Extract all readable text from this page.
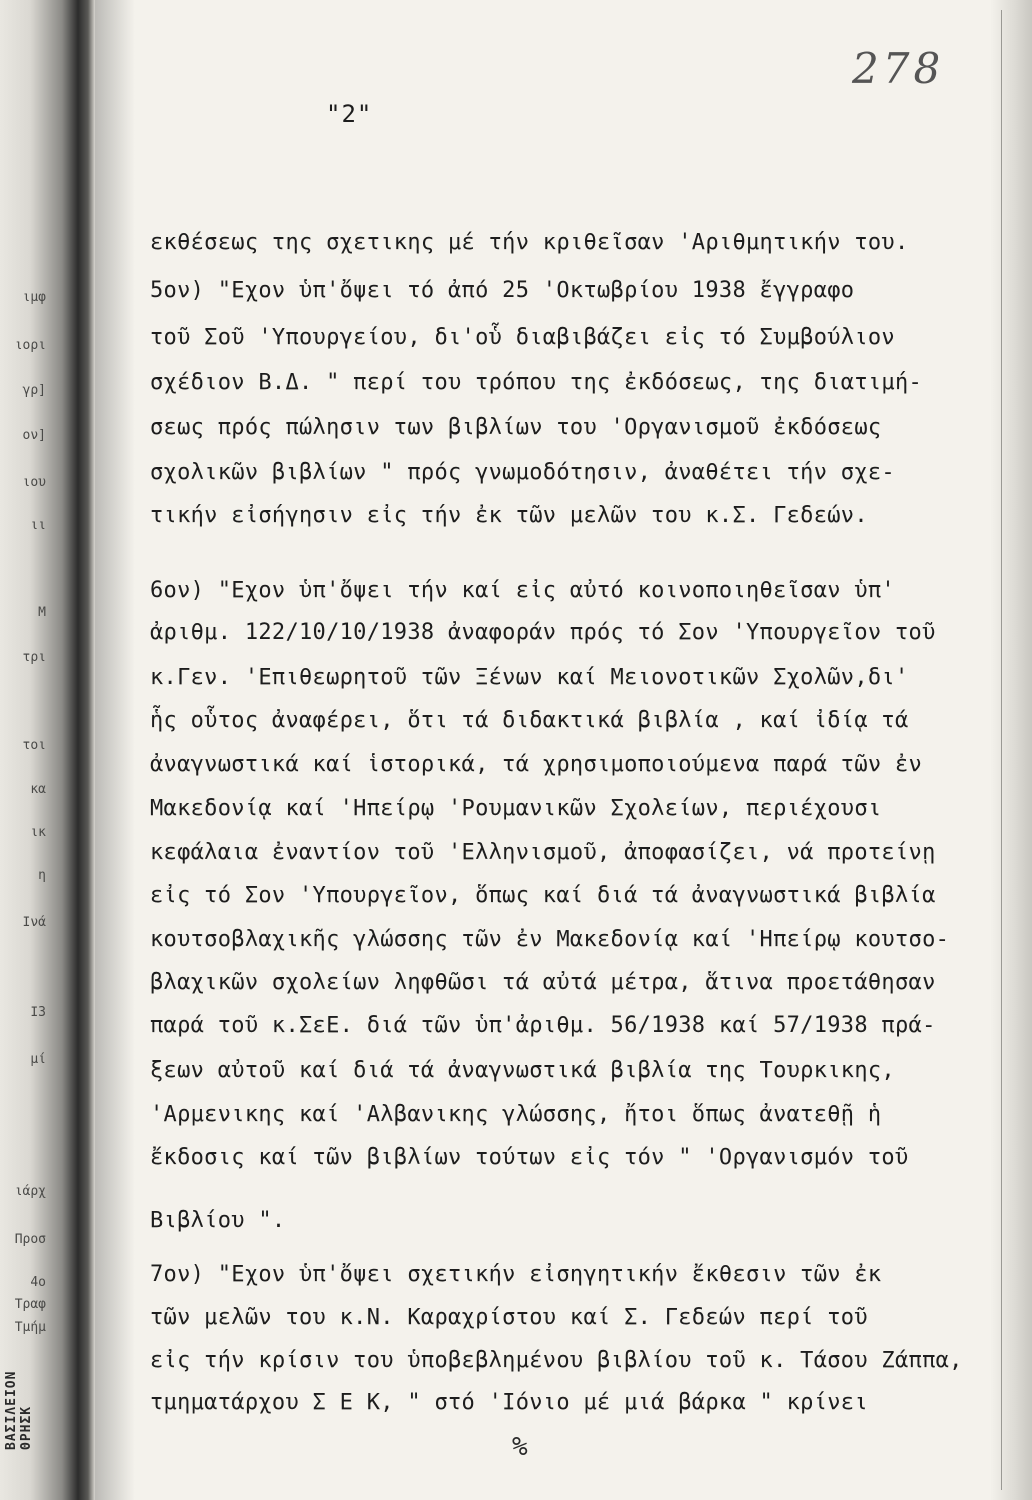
ιμφ
ιορι
γρ]
ον]
ιου
ιι
Μ
τρι
τοι
κα
ικ
η
Ινά
Ι3
μί
ιάρχ
Προσ
4ο
Τραφ
Τμήμ
ΒΑΣΙΛΕΙΟΝ ΘΡΗΣΚ
278
"2"
εκθέσεως της σχετικης μέ τήν κριθεῖσαν 'Αριθμητικήν του.
5ον) "Εχον ὑπ'ὄψει τό ἀπό 25 'Οκτωβρίου 1938 ἔγγραφο
τοῦ Σοῦ 'Υπουργείου, δι'οὗ διαβιβάζει εἰς τό Συμβούλιον
σχέδιον Β.Δ. " περί του τρόπου της ἐκδόσεως, της διατιμή-
σεως πρός πώλησιν των βιβλίων του 'Οργανισμοῦ ἐκδόσεως
σχολικῶν βιβλίων " πρός γνωμοδότησιν, ἀναθέτει τήν σχε-
τικήν εἰσήγησιν εἰς τήν ἐκ τῶν μελῶν του κ.Σ. Γεδεών.
6ον) "Εχον ὑπ'ὄψει τήν καί εἰς αὐτό κοινοποιηθεῖσαν ὑπ'
ἀριθμ. 122/10/10/1938 ἀναφοράν πρός τό Σον 'Υπουργεῖον τοῦ
κ.Γεν. 'Επιθεωρητοῦ τῶν Ξένων καί Μειονοτικῶν Σχολῶν,δι'
ἧς οὗτος ἀναφέρει, ὅτι τά διδακτικά βιβλία , καί ἰδίᾳ τά
ἀναγνωστικά καί ἱστορικά, τά χρησιμοποιούμενα παρά τῶν ἐν
Μακεδονίᾳ καί 'Ηπείρῳ 'Ρουμανικῶν Σχολείων, περιέχουσι
κεφάλαια ἐναντίον τοῦ 'Ελληνισμοῦ, ἀποφασίζει, νά προτείνῃ
εἰς τό Σον 'Υπουργεῖον, ὅπως καί διά τά ἀναγνωστικά βιβλία
κουτσοβλαχικῆς γλώσσης τῶν ἐν Μακεδονίᾳ καί 'Ηπείρῳ κουτσο-
βλαχικῶν σχολείων ληφθῶσι τά αὐτά μέτρα, ἅτινα προετάθησαν
παρά τοῦ κ.ΣεΕ. διά τῶν ὑπ'ἀριθμ. 56/1938 καί 57/1938 πρά-
ξεων αὐτοῦ καί διά τά ἀναγνωστικά βιβλία της Τουρκικης,
'Αρμενικης καί 'Αλβανικης γλώσσης, ἤτοι ὅπως ἀνατεθῇ ἡ
ἔκδοσις καί τῶν βιβλίων τούτων εἰς τόν " 'Οργανισμόν τοῦ
Βιβλίου ".
7ον) "Εχον ὑπ'ὄψει σχετικήν εἰσηγητικήν ἔκθεσιν τῶν ἐκ
τῶν μελῶν του κ.Ν. Καραχρίστου καί Σ. Γεδεών περί τοῦ
εἰς τήν κρίσιν του ὑποβεβλημένου βιβλίου τοῦ κ. Τάσου Ζάππα,
τμηματάρχου Σ Ε Κ, " στό 'Ιόνιο μέ μιά βάρκα " κρίνει
%
